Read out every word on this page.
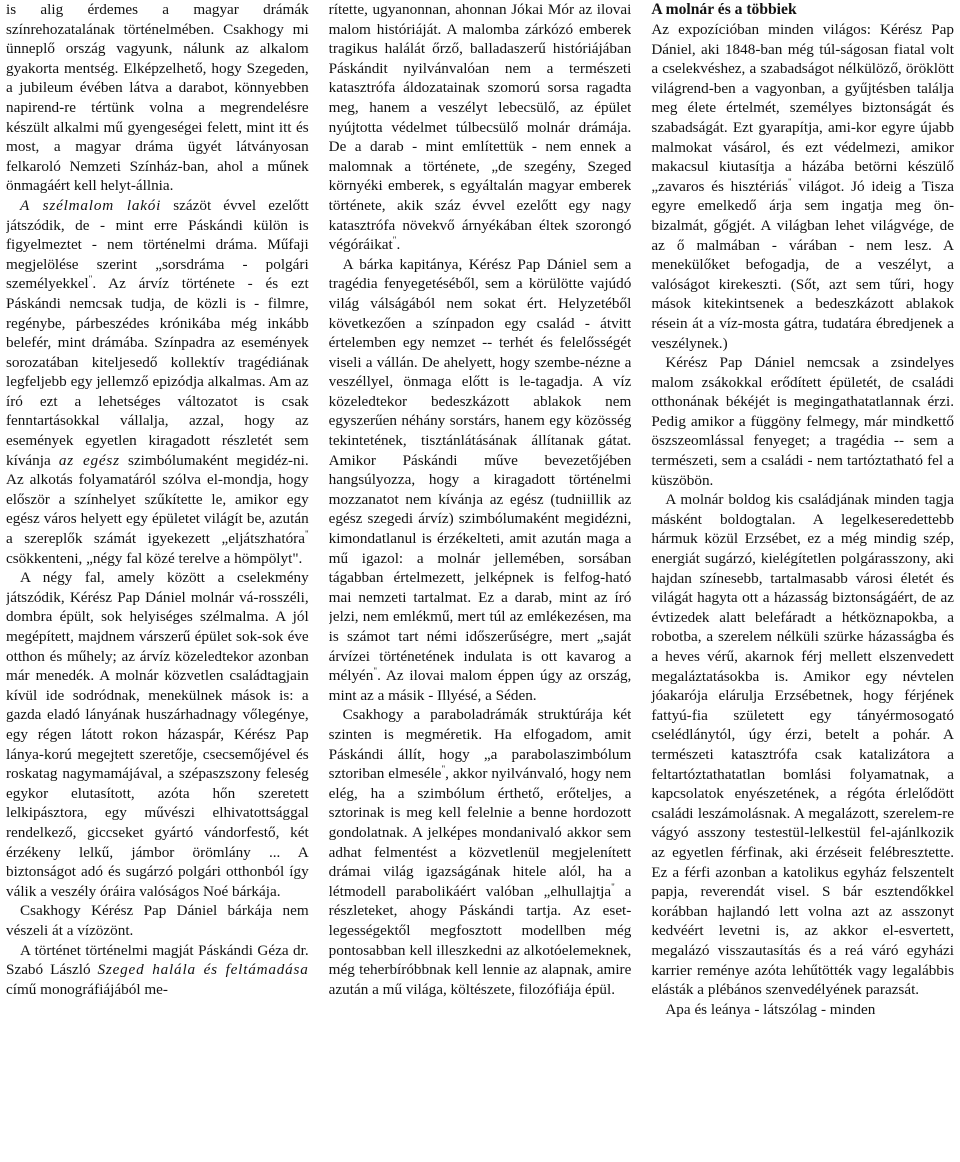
is alig érdemes a magyar drámák színrehozatalának történelmében. Csakhogy mi ünneplő ország vagyunk, nálunk az alkalom gyakorta mentség. Elképzelhető, hogy Szegeden, a jubileum évében látva a darabot, könnyebben napirend-re tértünk volna a megrendelésre készült alkalmi mű gyengeségei felett, mint itt és most, a magyar dráma ügyét látványosan felkaroló Nemzeti Színház-ban, ahol a műnek önmagáért kell helyt-állnia.

A szélmalom lakói százöt évvel ezelőtt játszódik, de - mint erre Páskándi külön is figyelmeztet - nem történelmi dráma. Műfaji megjelölése szerint „sorsdráma - polgári személyekkel". Az árvíz története - és ezt Páskándi nemcsak tudja, de közli is - filmre, regénybe, párbeszédes krónikába még inkább belefér, mint drámába. Színpadra az események sorozatában kiteljesedő kollektív tragédiának legfeljebb egy jellemző epizódja alkalmas. Am az író ezt a lehetséges változatot is csak fenntartásokkal vállalja, azzal, hogy az események egyetlen kiragadott részletét sem kívánja az egész szimbólumaként megidéz-ni. Az alkotás folyamatáról szólva el-mondja, hogy először a színhelyet szűkítette le, amikor egy egész város helyett egy épületet világít be, azután a szereplők számát igyekezett „eljátszhatóra" csökkenteni, „négy fal közé terelve a hömpölyt".

A négy fal, amely között a cselekmény játszódik, Kérész Pap Dániel molnár vá-rosszéli, dombra épült, sok helyiséges szélmalma. A jól megépített, majdnem várszerű épület sok-sok éve otthon és műhely; az árvíz közeledtekor azonban már menedék. A molnár közvetlen családtagjain kívül ide sodródnak, menekülnek mások is: a gazda eladó lányának huszárhadnagy vőlegénye, egy régen látott rokon házaspár, Kérész Pap lánya-korú megejtett szeretője, csecsemőjével és roskatag nagymamájával, a szépaszszony feleség egykor elutasított, azóta hőn szeretett lelkipásztora, egy művészi elhivatottsággal rendelkező, giccseket gyártó vándorfestő, két érzékeny lelkű, jámbor örömlány ... A biztonságot adó és sugárzó polgári otthonból így válik a veszély óráira valóságos Noé bárkája.

Csakhogy Kérész Pap Dániel bárkája nem vészeli át a vízözönt.

A történet történelmi magját Páskándi Géza dr. Szabó László Szeged halála és feltámadása című monográfiájából me-

rítette, ugyanonnan, ahonnan Jókai Mór az ilovai malom históriáját. A malomba zárkózó emberek tragikus halálát őrző, balladaszerű históriájában Páskándit nyilvánvalóan nem a természeti katasztrófa áldozatainak szomorú sorsa ragadta meg, hanem a veszélyt lebecsülő, az épület nyújtotta védelmet túlbecsülő molnár drámája. De a darab - mint említettük - nem ennek a malomnak a története, „de szegény, Szeged környéki emberek, s egyáltalán magyar emberek története, akik száz évvel ezelőtt egy nagy katasztrófa növekvő árnyékában éltek szorongó végóráikat".

A bárka kapitánya, Kérész Pap Dániel sem a tragédia fenyegetéséből, sem a körülötte vajúdó világ válságából nem sokat ért. Helyzetéből következően a színpadon egy család - átvitt értelemben egy nemzet -- terhét és felelősségét viseli a vállán. De ahelyett, hogy szembe-nézne a veszéllyel, önmaga előtt is le-tagadja. A víz közeledtekor bedeszkázott ablakok nem egyszerűen néhány sorstárs, hanem egy közösség tekintetének, tisztánlátásának állítanak gátat. Amikor Páskándi műve bevezetőjében hangsúlyozza, hogy a kiragadott történelmi mozzanatot nem kívánja az egész (tudniillik az egész szegedi árvíz) szimbólumaként megidézni, kimondatlanul is érzékelteti, amit azután maga a mű igazol: a molnár jellemében, sorsában tágabban értelmezett, jelképnek is felfog-ható mai nemzeti tartalmat. Ez a darab, mint az író jelzi, nem emlékmű, mert túl az emlékezésen, ma is számot tart némi időszerűségre, mert „saját árvízei történetének indulata is ott kavarog a mélyén". Az ilovai malom éppen úgy az ország, mint az a másik - Illyésé, a Séden.

Csakhogy a paraboladrámák struktúrája két szinten is megméretik. Ha elfogadom, amit Páskándi állít, hogy „a parabolaszimbólum sztoriban elmeséle", akkor nyilvánvaló, hogy nem elég, ha a szimbólum érthető, erőteljes, a sztorinak is meg kell felelnie a benne hordozott gondolatnak. A jelképes mondanivaló akkor sem adhat felmentést a közvetlenül megjelenített drámai világ igazságának hitele alól, ha a létmodell parabolikáért valóban „elhullajtja" a részleteket, ahogy Páskándi tartja. Az eset-legességektől megfosztott modellben még pontosabban kell illeszkedni az alkotóelemeknek, még teherbíróbbnak kell lennie az alapnak, amire azután a mű világa, költészete, filozófiája épül.

A molnár és a többiek

Az expozícióban minden világos: Kérész Pap Dániel, aki 1848-ban még túl-ságosan fiatal volt a cselekvéshez, a szabadságot nélkülöző, öröklött világrend-ben a vagyonban, a gyűjtésben találja meg élete értelmét, személyes biztonságát és szabadságát. Ezt gyarapítja, ami-kor egyre újabb malmokat vásárol, és ezt védelmezi, amikor makacsul kiutasítja a házába betörni készülő „zavaros és hisztériás" világot. Jó ideig a Tisza egyre emelkedő árja sem ingatja meg ön-bizalmát, gőgjét. A világban lehet világvége, de az ő malmában - várában - nem lesz. A menekülőket befogadja, de a veszélyt, a valóságot kirekeszti. (Sőt, azt sem tűri, hogy mások kitekintsenek a bedeszkázott ablakok résein át a víz-mosta gátra, tudatára ébredjenek a veszélynek.)

Kérész Pap Dániel nemcsak a zsindelyes malom zsákokkal erődített épületét, de családi otthonának békéjét is megingathatatlannak érzi. Pedig amikor a függöny felmegy, már mindkettő öszszeomlással fenyeget; a tragédia -- sem a természeti, sem a családi - nem tartóztatható fel a küszöbön.

A molnár boldog kis családjának minden tagja másként boldogtalan. A legelkeseredettebb hármuk közül Erzsébet, ez a még mindig szép, energiát sugárzó, kielégítetlen polgárasszony, aki hajdan színesebb, tartalmasabb városi életét és világát hagyta ott a házasság biztonságáért, de az évtizedek alatt belefáradt a hétköznapokba, a robotba, a szerelem nélküli szürke házasságba és a heves vérű, akarnok férj mellett elszenvedett megaláztatásokba is. Amikor egy névtelen jóakarója elárulja Erzsébetnek, hogy férjének fattyú-fia született egy tányérmosogató cselédlánytól, úgy érzi, betelt a pohár. A természeti katasztrófa csak katalizátora a feltartóztathatatlan bomlási folyamatnak, a kapcsolatok enyészetének, a régóta érlelődött családi leszámolásnak. A megalázott, szerelem-re vágyó asszony testestül-lelkestül fel-ajánlkozik az egyetlen férfinak, aki érzéseit felébresztette. Ez a férfi azonban a katolikus egyház felszentelt papja, reverendát visel. S bár esztendőkkel korábban hajlandó lett volna azt az asszonyt kedvéért levetni is, az akkor el-esvertett, megalázó visszautasítás és a reá váró egyházi karrier reménye azóta lehűtötték vagy legalábbis elásták a plébános szenvedélyének parazsát.

Apa és leánya - látszólag - minden
